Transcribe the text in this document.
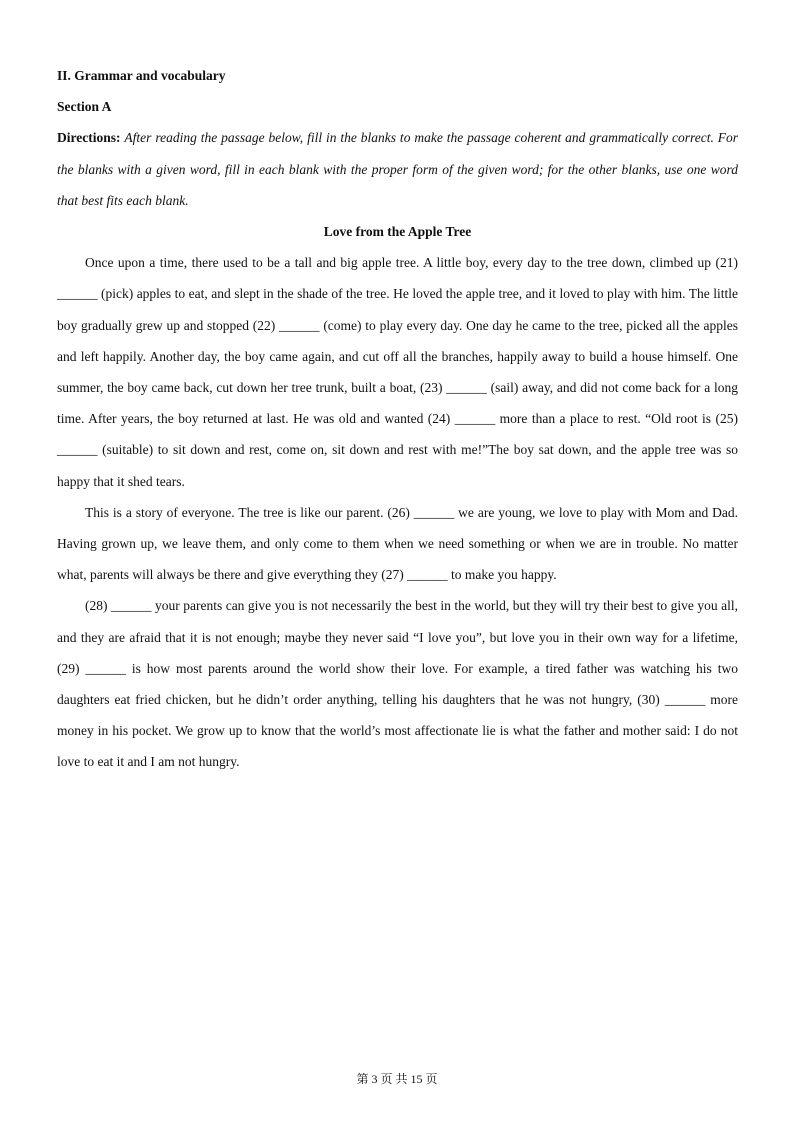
II. Grammar and vocabulary

Section A

Directions: After reading the passage below, fill in the blanks to make the passage coherent and grammatically correct. For the blanks with a given word, fill in each blank with the proper form of the given word; for the other blanks, use one word that best fits each blank.

Love from the Apple Tree

Once upon a time, there used to be a tall and big apple tree. A little boy, every day to the tree down, climbed up (21) ______ (pick) apples to eat, and slept in the shade of the tree. He loved the apple tree, and it loved to play with him. The little boy gradually grew up and stopped (22) ______ (come) to play every day. One day he came to the tree, picked all the apples and left happily. Another day, the boy came again, and cut off all the branches, happily away to build a house himself. One summer, the boy came back, cut down her tree trunk, built a boat, (23) ______ (sail) away, and did not come back for a long time. After years, the boy returned at last. He was old and wanted (24) ______ more than a place to rest. “Old root is (25) ______ (suitable) to sit down and rest, come on, sit down and rest with me!”The boy sat down, and the apple tree was so happy that it shed tears.

This is a story of everyone. The tree is like our parent. (26) ______ we are young, we love to play with Mom and Dad. Having grown up, we leave them, and only come to them when we need something or when we are in trouble. No matter what, parents will always be there and give everything they (27) ______ to make you happy.

(28) ______ your parents can give you is not necessarily the best in the world, but they will try their best to give you all, and they are afraid that it is not enough; maybe they never said “I love you”, but love you in their own way for a lifetime, (29) ______ is how most parents around the world show their love. For example, a tired father was watching his two daughters eat fried chicken, but he didn’t order anything, telling his daughters that he was not hungry, (30) ______ more money in his pocket. We grow up to know that the world’s most affectionate lie is what the father and mother said: I do not love to eat it and I am not hungry.

第 3 页 共 15 页
